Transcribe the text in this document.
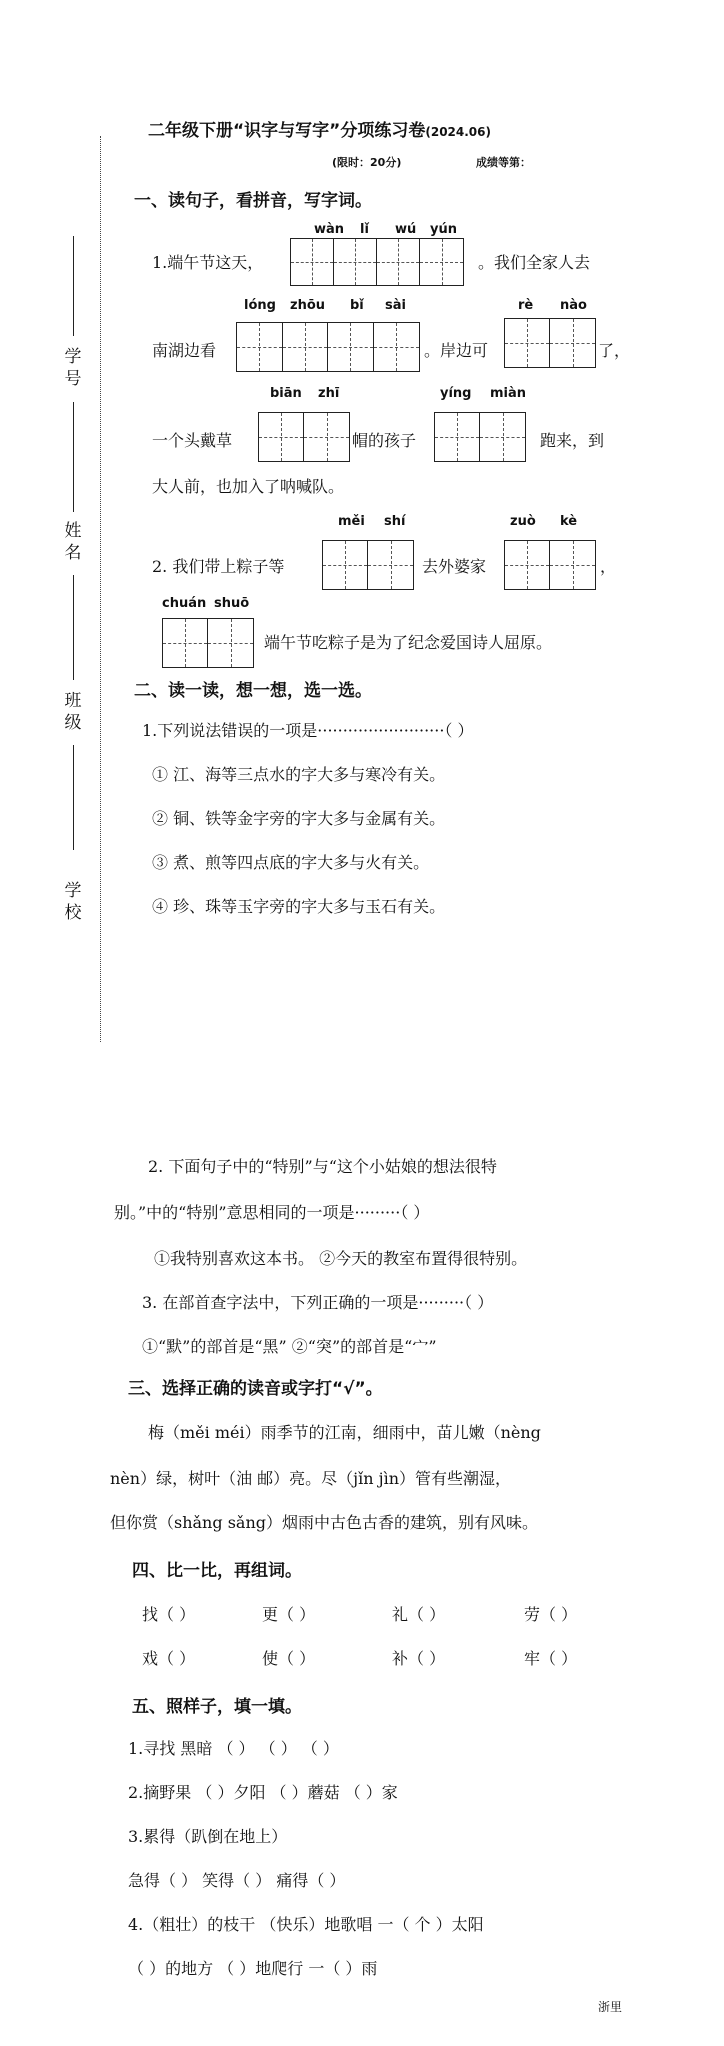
二年级下册“识字与写字”分项练习卷(2024.06)
(限时：20分)	成绩等第：
学号
姓名
班级
学校
一、读句子，看拼音，写字词。
wàn lǐ wú yún
1.端午节这天，	。我们全家人去
lóng zhōu bǐ sài	rè nào
南湖边看	。岸边可	了，
biān zhī	yíng miàn
一个头戴草	帽的孩子	跑来，到
大人前，也加入了呐喊队。
měi shí	zuò kè
2. 我们带上粽子等	去外婆家	，
chuán shuō
端午节吃粽子是为了纪念爱国诗人屈原。
二、读一读，想一想，选一选。
1.下列说法错误的一项是·························（ ）
① 江、海等三点水的字大多与寒冷有关。
② 铜、铁等金字旁的字大多与金属有关。
③ 煮、煎等四点底的字大多与火有关。
④ 珍、珠等玉字旁的字大多与玉石有关。
2. 下面句子中的“特别”与“这个小姑娘的想法很特
别。”中的“特别”意思相同的一项是·········（ ）
①我特别喜欢这本书。 ②今天的教室布置得很特别。
3. 在部首查字法中，下列正确的一项是·········（ ）
①“默”的部首是“黑” ②“突”的部首是“宀”
三、选择正确的读音或字打“√”。
梅（měi méi）雨季节的江南，细雨中，苗儿嫩（nèng
nèn）绿，树叶（油 邮）亮。尽（jǐn jìn）管有些潮湿，
但你赏（shǎng sǎng）烟雨中古色古香的建筑，别有风味。
四、比一比，再组词。
找（ ）	更（ ）	礼（ ）	劳（ ）
戏（ ）	使（ ）	补（ ）	牢（ ）
五、照样子，填一填。
1.寻找 黑暗 （ ） （ ） （ ）
2.摘野果 （ ）夕阳 （ ）蘑菇 （ ）家
3.累得（趴倒在地上）
急得（ ） 笑得（ ） 痛得（ ）
4.（粗壮）的枝干 （快乐）地歌唱 一（ 个 ）太阳
（ ）的地方 （ ）地爬行 一（ ）雨
浙里
